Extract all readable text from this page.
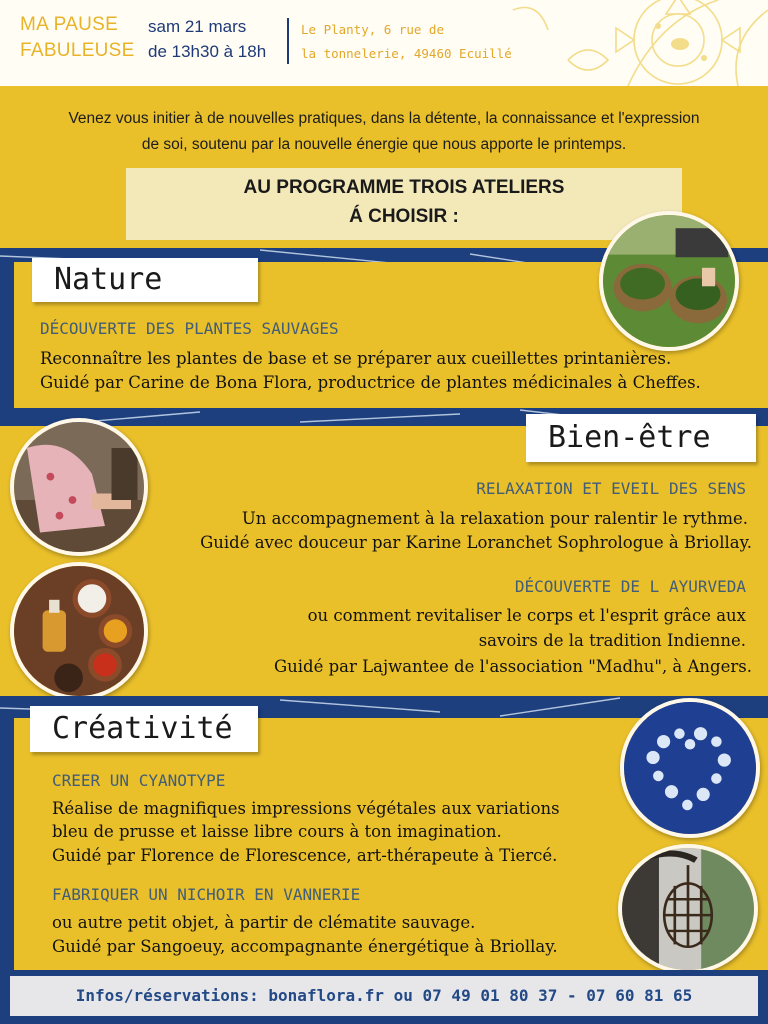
MA PAUSE
FABULEUSE
sam 21 mars
de 13h30 à 18h
Le Planty, 6 rue de
la tonnelerie, 49460 Ecuillé
Venez vous initier à de nouvelles pratiques, dans la détente, la connaissance et l'expression
de soi, soutenu par la nouvelle énergie que nous apporte le printemps.
AU PROGRAMME TROIS ATELIERS
Á CHOISIR :
Nature
DÉCOUVERTE DES PLANTES SAUVAGES
Reconnaître les plantes de base et se préparer aux cueillettes printanières.
Guidé par Carine de Bona Flora, productrice de plantes médicinales à Cheffes.
Bien-être
RELAXATION ET EVEIL DES SENS
Un accompagnement à la relaxation pour ralentir le rythme.
Guidé avec douceur par Karine Loranchet Sophrologue à Briollay.
DÉCOUVERTE DE L AYURVEDA
ou comment revitaliser le corps et l'esprit grâce aux
savoirs de la tradition Indienne.
Guidé par Lajwantee de l'association "Madhu", à Angers.
Créativité
CREER UN CYANOTYPE
Réalise de magnifiques impressions végétales aux variations
bleu de prusse et laisse libre cours à ton imagination.
Guidé par Florence de Florescence, art-thérapeute à Tiercé.
FABRIQUER UN NICHOIR EN VANNERIE
ou autre petit objet, à partir de clématite sauvage.
Guidé par Sangoeuy, accompagnante énergétique à Briollay.
Infos/réservations: bonaflora.fr ou 07 49 01 80 37 - 07 60 81 65
